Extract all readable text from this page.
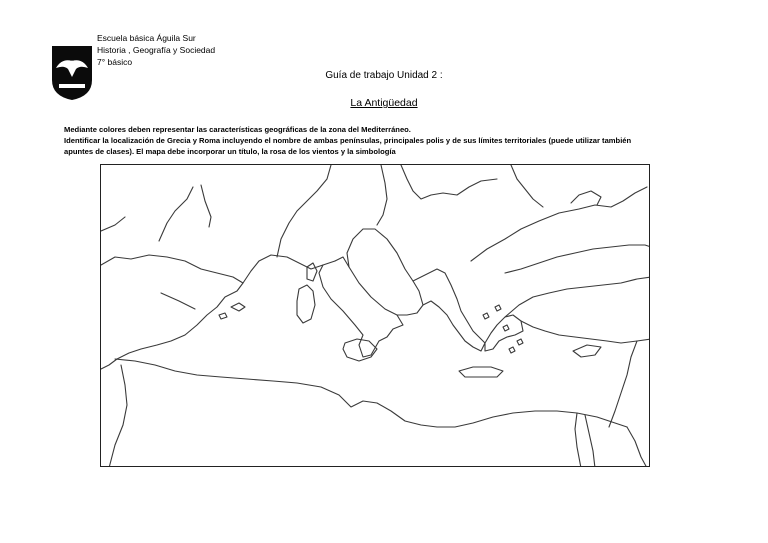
Escuela básica Águila Sur
Historia , Geografía y Sociedad
7° básico
Guía de trabajo Unidad 2 :
La Antigüedad
Mediante colores deben representar las características geográficas de la zona del Mediterráneo.
Identificar la localización de Grecia y Roma incluyendo el nombre de ambas penínsulas, principales polis y de sus límites territoriales (puede utilizar también
apuntes de clases). El mapa debe incorporar un título, la rosa de los vientos y la simbología
